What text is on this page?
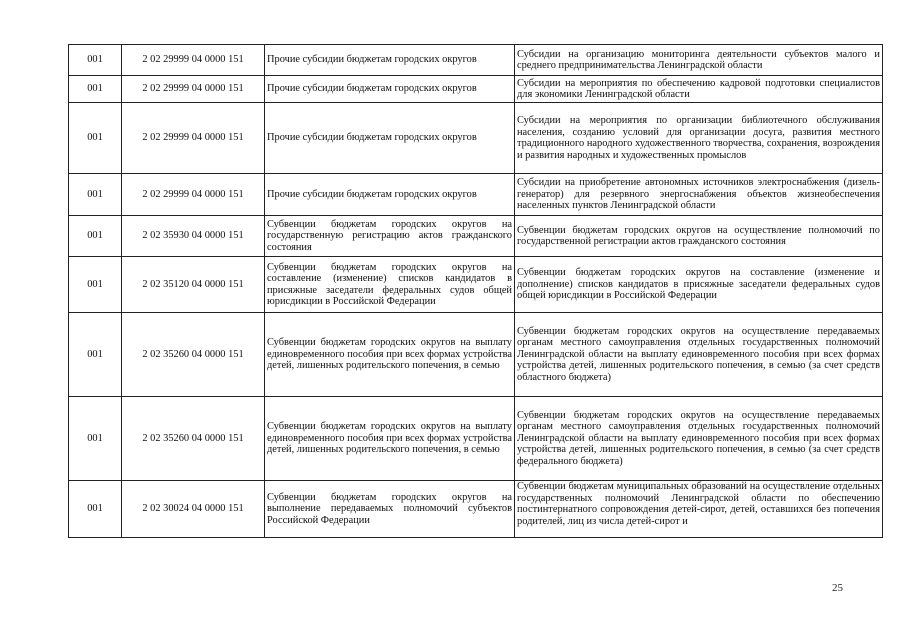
001	2 02 29999 04 0000 151	Прочие субсидии бюджетам городских округов	Субсидии на организацию мониторинга деятельности субъектов малого и среднего предпринимательства Ленинградской области

001	2 02 29999 04 0000 151	Прочие субсидии бюджетам городских округов	Субсидии на мероприятия по обеспечению кадровой подготовки специалистов для экономики Ленинградской области

001	2 02 29999 04 0000 151	Прочие субсидии бюджетам городских округов	Субсидии на мероприятия по организации библиотечного обслуживания населения, созданию условий для организации досуга, развития местного традиционного народного художественного творчества, сохранения, возрождения и развития народных и художественных промыслов

001	2 02 29999 04 0000 151	Прочие субсидии бюджетам городских округов	Субсидии на приобретение автономных источников электроснабжения (дизель-генератор) для резервного энергоснабжения объектов жизнеобеспечения населенных пунктов Ленинградской области

001	2 02 35930 04 0000 151	Субвенции бюджетам городских округов на государственную регистрацию актов гражданского состояния	Субвенции бюджетам городских округов на осуществление полномочий по государственной регистрации актов гражданского состояния

001	2 02 35120 04 0000 151	Субвенции бюджетам городских округов на составление (изменение) списков кандидатов в присяжные заседатели федеральных судов общей юрисдикции в Российской Федерации	Субвенции бюджетам городских округов на составление (изменение и дополнение) списков кандидатов в присяжные заседатели федеральных судов общей юрисдикции в Российской Федерации

001	2 02 35260 04 0000 151	Субвенции бюджетам городских округов на выплату единовременного пособия при всех формах устройства детей, лишенных родительского попечения, в семью	Субвенции бюджетам городских округов на осуществление передаваемых органам местного самоуправления отдельных государственных полномочий Ленинградской области на выплату единовременного пособия при всех формах устройства детей, лишенных родительского попечения, в семью (за счет средств областного бюджета)

001	2 02 35260 04 0000 151	Субвенции бюджетам городских округов на выплату единовременного пособия при всех формах устройства детей, лишенных родительского попечения, в семью	Субвенции бюджетам городских округов на осуществление передаваемых органам местного самоуправления отдельных государственных полномочий Ленинградской области на выплату единовременного пособия при всех формах устройства детей, лишенных родительского попечения, в семью (за счет средств федерального бюджета)

001	2 02 30024 04 0000 151	Субвенции бюджетам городских округов на выполнение передаваемых полномочий субъектов Российской Федерации	Субвенции бюджетам муниципальных образований на осуществление отдельных государственных полномочий Ленинградской области по обеспечению постинтернатного сопровождения детей-сирот, детей, оставшихся без попечения родителей, лиц из числа детей-сирот и
25
